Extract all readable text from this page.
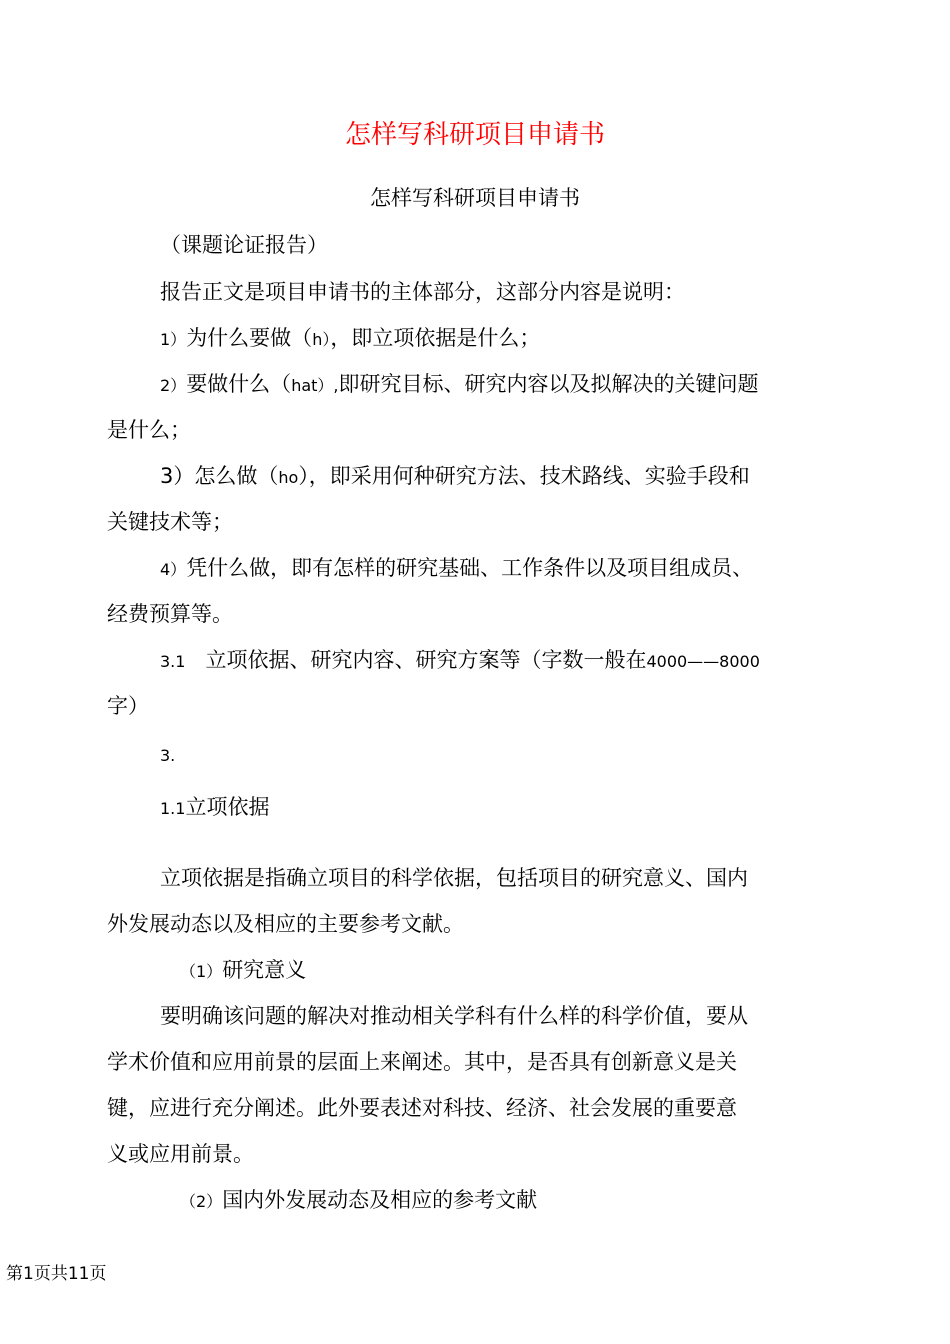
怎样写科研项目申请书
怎样写科研项目申请书
（课题论证报告）
报告正文是项目申请书的主体部分，这部分内容是说明：
1）为什么要做（h），即立项依据是什么；
2）要做什么（hat）,即研究目标、研究内容以及拟解决的关键问题
是什么；
3）怎么做（ho），即采用何种研究方法、技术路线、实验手段和
关键技术等；
4）凭什么做，即有怎样的研究基础、工作条件以及项目组成员、
经费预算等。
3.1 立项依据、研究内容、研究方案等（字数一般在4000——8000
字）
3.
1.1立项依据
立项依据是指确立项目的科学依据，包括项目的研究意义、国内
外发展动态以及相应的主要参考文献。
（1）研究意义
要明确该问题的解决对推动相关学科有什么样的科学价值，要从
学术价值和应用前景的层面上来阐述。其中，是否具有创新意义是关
键，应进行充分阐述。此外要表述对科技、经济、社会发展的重要意
义或应用前景。
（2）国内外发展动态及相应的参考文献
第1页共11页
